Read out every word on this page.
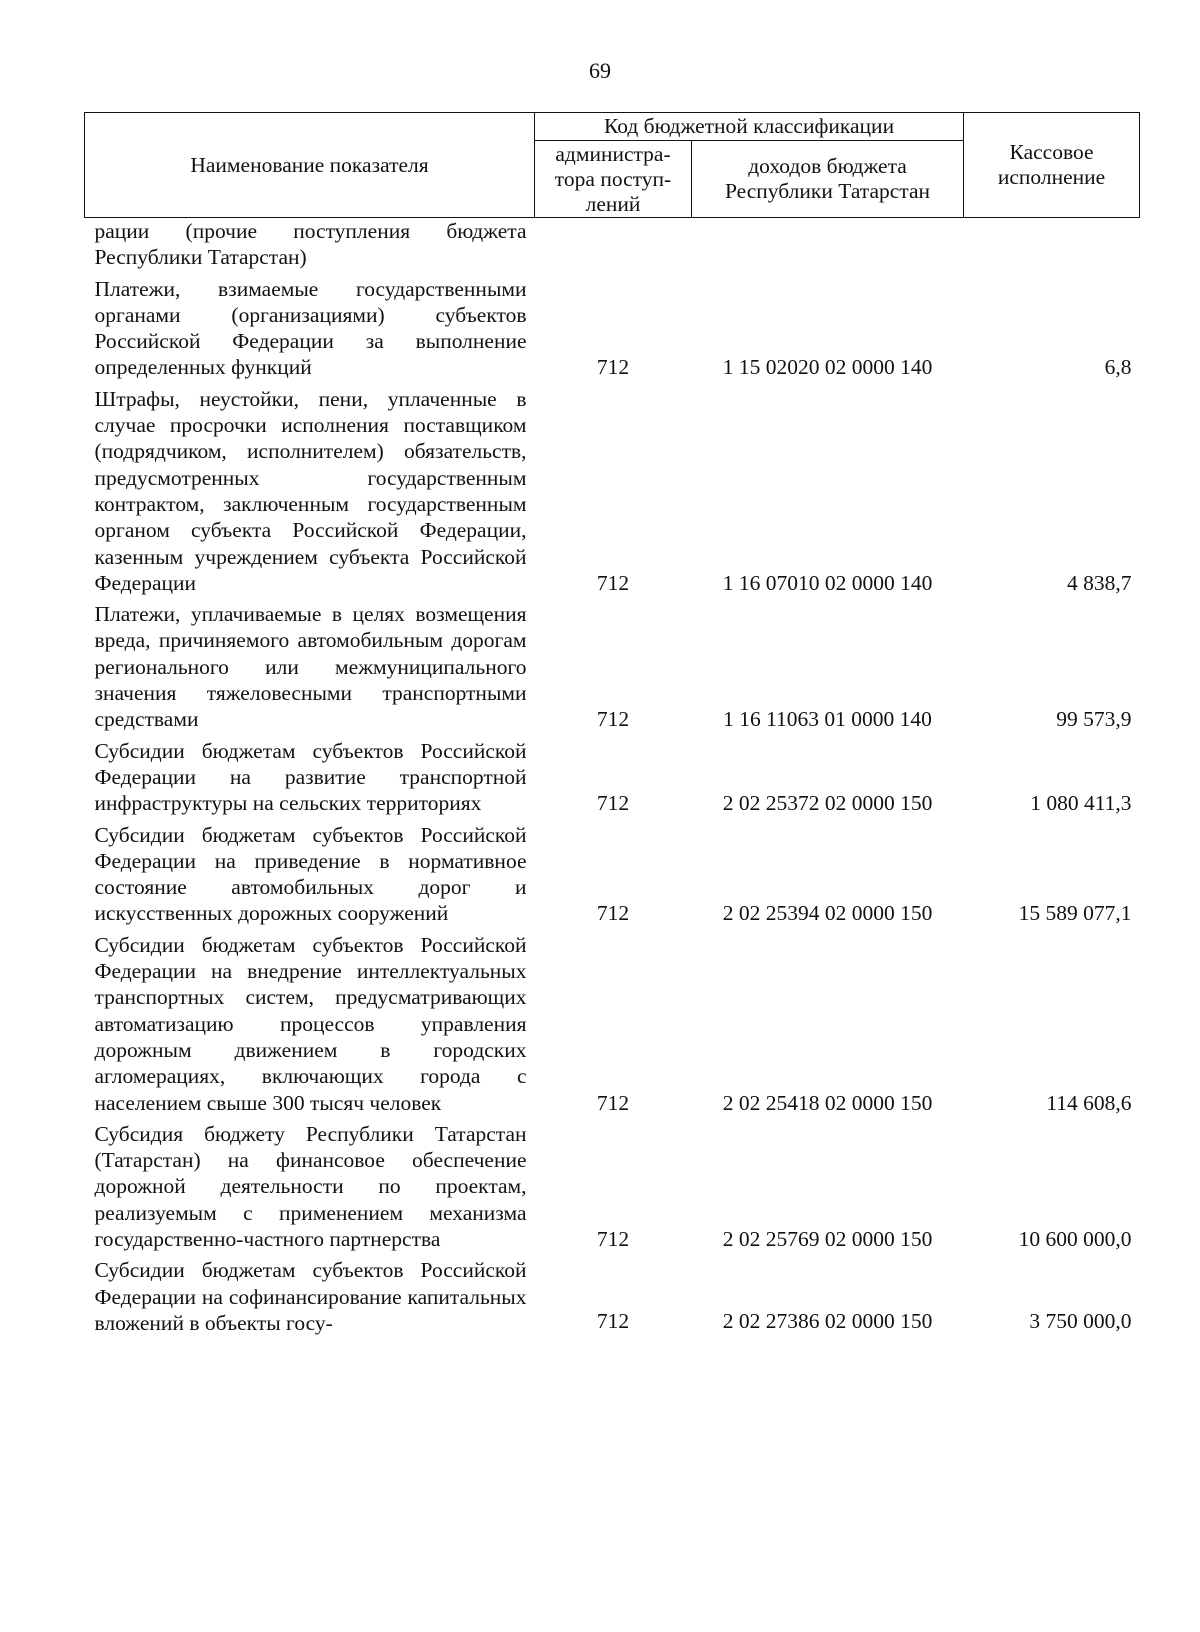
69
Наименование показателя	Код бюджетной классификации		Кассовое исполнение
	администра-тора поступ-лений	доходов бюджета Республики Татарстан	
рации (прочие поступления бюджета Республики Татарстан)			
Платежи, взимаемые государственными органами (организациями) субъектов Российской Федерации за выполнение определенных функций	712	1 15 02020 02 0000 140	6,8
Штрафы, неустойки, пени, уплаченные в случае просрочки исполнения поставщиком (подрядчиком, исполнителем) обязательств, предусмотренных государственным контрактом, заключенным государственным органом субъекта Российской Федерации, казенным учреждением субъекта Российской Федерации	712	1 16 07010 02 0000 140	4 838,7
Платежи, уплачиваемые в целях возмещения вреда, причиняемого автомобильным дорогам регионального или межмуниципального значения тяжеловесными транспортными средствами	712	1 16 11063 01 0000 140	99 573,9
Субсидии бюджетам субъектов Российской Федерации на развитие транспортной инфраструктуры на сельских территориях	712	2 02 25372 02 0000 150	1 080 411,3
Субсидии бюджетам субъектов Российской Федерации на приведение в нормативное состояние автомобильных дорог и искусственных дорожных сооружений	712	2 02 25394 02 0000 150	15 589 077,1
Субсидии бюджетам субъектов Российской Федерации на внедрение интеллектуальных транспортных систем, предусматривающих автоматизацию процессов управления дорожным движением в городских агломерациях, включающих города с населением свыше 300 тысяч человек	712	2 02 25418 02 0000 150	114 608,6
Субсидия бюджету Республики Татарстан (Татарстан) на финансовое обеспечение дорожной деятельности по проектам, реализуемым с применением механизма государственно-частного партнерства	712	2 02 25769 02 0000 150	10 600 000,0
Субсидии бюджетам субъектов Российской Федерации на софинансирование капитальных вложений в объекты госу-	712	2 02 27386 02 0000 150	3 750 000,0
